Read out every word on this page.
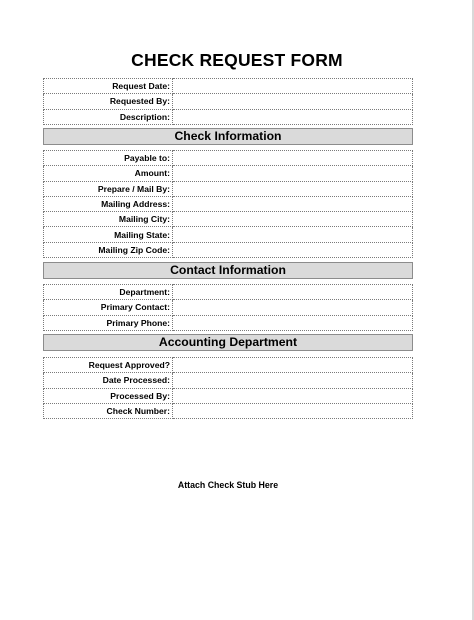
CHECK REQUEST FORM
Request Date:	
Requested By:	
Description:	
Check Information
Payable to:	
Amount:	
Prepare / Mail By:	
Mailing Address:	
Mailing City:	
Mailing State:	
Mailing Zip Code:	
Contact Information
Department:	
Primary Contact:	
Primary Phone:	
Accounting Department
Request Approved?	
Date Processed:	
Processed By:	
Check Number:	
Attach Check Stub Here
